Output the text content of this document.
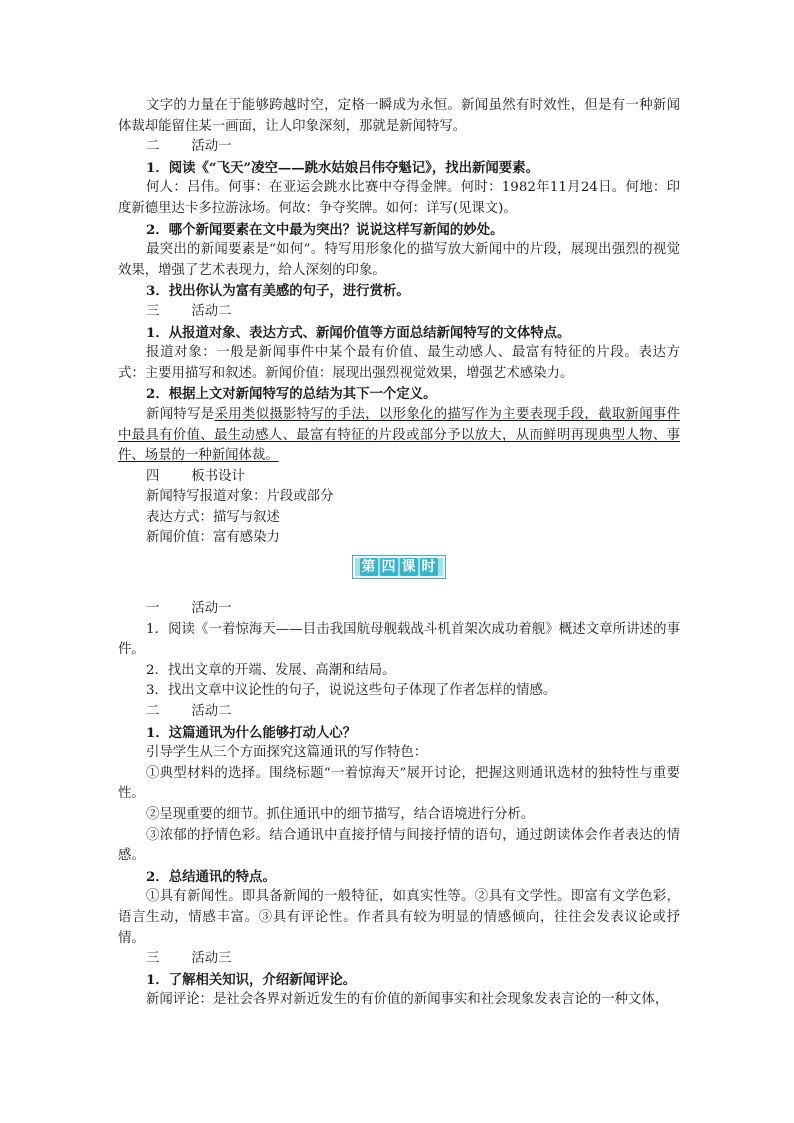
文字的力量在于能够跨越时空，定格一瞬成为永恒。新闻虽然有时效性，但是有一种新闻体裁却能留住某一画面，让人印象深刻，那就是新闻特写。

二 活动一

1．阅读《“飞天”凌空——跳水姑娘吕伟夺魁记》，找出新闻要素。

何人：吕伟。何事：在亚运会跳水比赛中夺得金牌。何时：1982年11月24日。何地：印度新德里达卡多拉游泳场。何故：争夺奖牌。如何：详写(见课文)。

2．哪个新闻要素在文中最为突出？说说这样写新闻的妙处。

最突出的新闻要素是“如何”。特写用形象化的描写放大新闻中的片段，展现出强烈的视觉效果，增强了艺术表现力，给人深刻的印象。

3．找出你认为富有美感的句子，进行赏析。

三 活动二

1．从报道对象、表达方式、新闻价值等方面总结新闻特写的文体特点。

报道对象：一般是新闻事件中某个最有价值、最生动感人、最富有特征的片段。表达方式：主要用描写和叙述。新闻价值：展现出强烈视觉效果，增强艺术感染力。

2．根据上文对新闻特写的总结为其下一个定义。

新闻特写是采用类似摄影特写的手法，以形象化的描写作为主要表现手段，截取新闻事件中最具有价值、最生动感人、最富有特征的片段或部分予以放大，从而鲜明再现典型人物、事件、场景的一种新闻体裁。

四 板书设计

新闻特写报道对象：片段或部分

表达方式：描写与叙述

新闻价值：富有感染力

第 四 课 时

一 活动一

1．阅读《一着惊海天——目击我国航母舰载战斗机首架次成功着舰》概述文章所讲述的事件。

2．找出文章的开端、发展、高潮和结局。

3．找出文章中议论性的句子，说说这些句子体现了作者怎样的情感。

二 活动二

1．这篇通讯为什么能够打动人心？

引导学生从三个方面探究这篇通讯的写作特色：

①典型材料的选择。围绕标题“一着惊海天”展开讨论，把握这则通讯选材的独特性与重要性。

②呈现重要的细节。抓住通讯中的细节描写，结合语境进行分析。

③浓郁的抒情色彩。结合通讯中直接抒情与间接抒情的语句，通过朗读体会作者表达的情感。

2．总结通讯的特点。

①具有新闻性。即具备新闻的一般特征，如真实性等。②具有文学性。即富有文学色彩，语言生动，情感丰富。③具有评论性。作者具有较为明显的情感倾向，往往会发表议论或抒情。

三 活动三

1．了解相关知识，介绍新闻评论。

新闻评论：是社会各界对新近发生的有价值的新闻事实和社会现象发表言论的一种文体，
